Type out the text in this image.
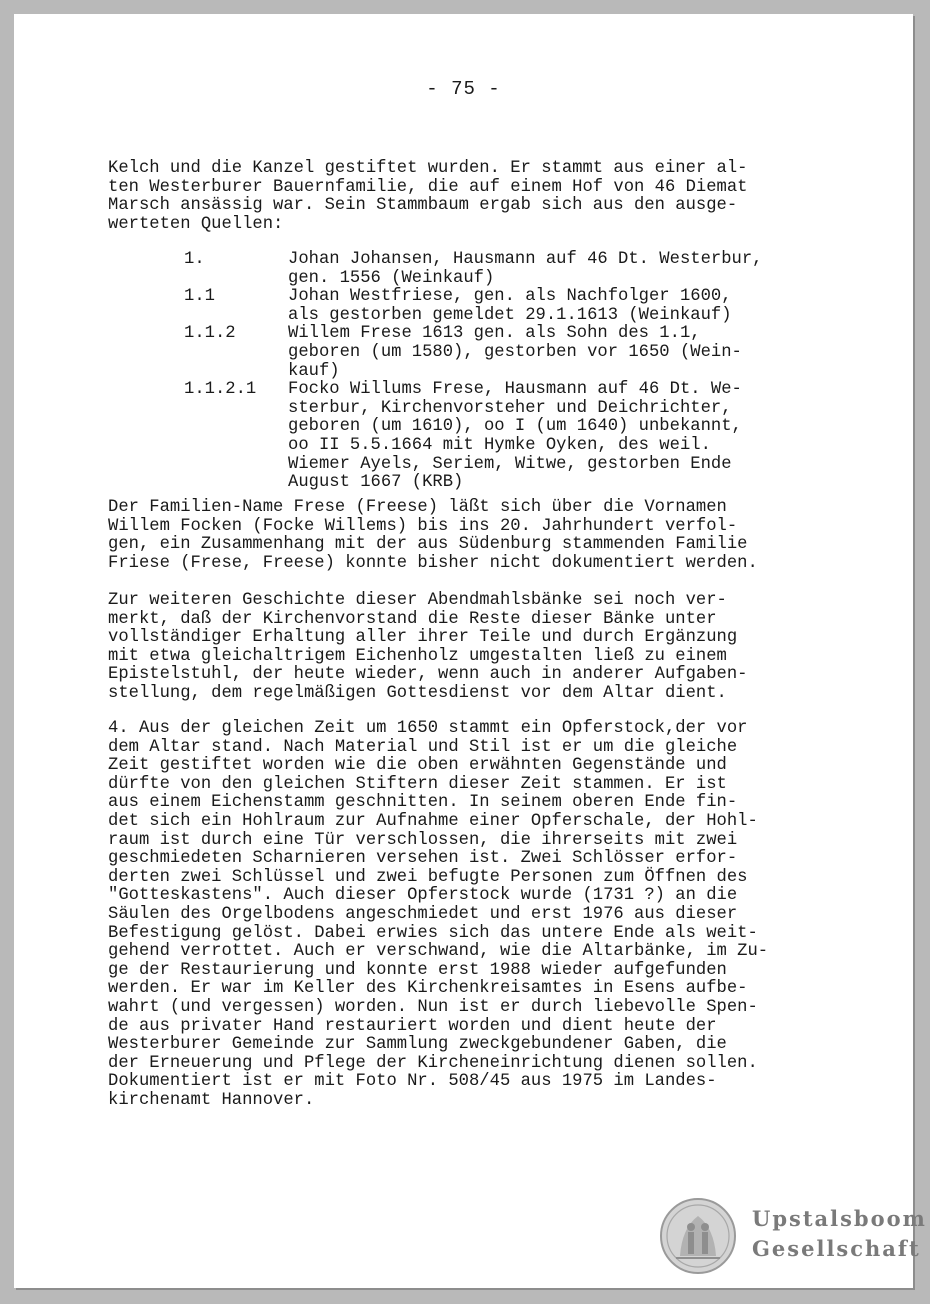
- 75 -

Kelch und die Kanzel gestiftet wurden. Er stammt aus einer al-
ten Westerburer Bauernfamilie, die auf einem Hof von 46 Diemat
Marsch ansässig war. Sein Stammbaum ergab sich aus den ausge-
werteten Quellen:

1.	Johan Johansen, Hausmann auf 46 Dt. Westerbur,
gen. 1556 (Weinkauf)
1.1	Johan Westfriese, gen. als Nachfolger 1600,
als gestorben gemeldet 29.1.1613 (Weinkauf)
1.1.2	Willem Frese 1613 gen. als Sohn des 1.1,
geboren (um 1580), gestorben vor 1650 (Wein-
kauf)
1.1.2.1	Focko Willums Frese, Hausmann auf 46 Dt. We-
sterbur, Kirchenvorsteher und Deichrichter,
geboren (um 1610), oo I (um 1640) unbekannt,
oo II 5.5.1664 mit Hymke Oyken, des weil.
Wiemer Ayels, Seriem, Witwe, gestorben Ende
August 1667 (KRB)

Der Familien-Name Frese (Freese) läßt sich über die Vornamen
Willem Focken (Focke Willems) bis ins 20. Jahrhundert verfol-
gen, ein Zusammenhang mit der aus Südenburg stammenden Familie
Friese (Frese, Freese) konnte bisher nicht dokumentiert werden.

Zur weiteren Geschichte dieser Abendmahlsbänke sei noch ver-
merkt, daß der Kirchenvorstand die Reste dieser Bänke unter
vollständiger Erhaltung aller ihrer Teile und durch Ergänzung
mit etwa gleichaltrigem Eichenholz umgestalten ließ zu einem
Epistelstuhl, der heute wieder, wenn auch in anderer Aufgaben-
stellung, dem regelmäßigen Gottesdienst vor dem Altar dient.

4. Aus der gleichen Zeit um 1650 stammt ein Opferstock,der vor
dem Altar stand. Nach Material und Stil ist er um die gleiche
Zeit gestiftet worden wie die oben erwähnten Gegenstände und
dürfte von den gleichen Stiftern dieser Zeit stammen. Er ist
aus einem Eichenstamm geschnitten. In seinem oberen Ende fin-
det sich ein Hohlraum zur Aufnahme einer Opferschale, der Hohl-
raum ist durch eine Tür verschlossen, die ihrerseits mit zwei
geschmiedeten Scharnieren versehen ist. Zwei Schlösser erfor-
derten zwei Schlüssel und zwei befugte Personen zum Öffnen des
"Gotteskastens". Auch dieser Opferstock wurde (1731 ?) an die
Säulen des Orgelbodens angeschmiedet und erst 1976 aus dieser
Befestigung gelöst. Dabei erwies sich das untere Ende als weit-
gehend verrottet. Auch er verschwand, wie die Altarbänke, im Zu-
ge der Restaurierung und konnte erst 1988 wieder aufgefunden
werden. Er war im Keller des Kirchenkreisamtes in Esens aufbe-
wahrt (und vergessen) worden. Nun ist er durch liebevolle Spen-
de aus privater Hand restauriert worden und dient heute der
Westerburer Gemeinde zur Sammlung zweckgebundener Gaben, die
der Erneuerung und Pflege der Kircheneinrichtung dienen sollen.
Dokumentiert ist er mit Foto Nr. 508/45 aus 1975 im Landes-
kirchenamt Hannover.

Upstalsboom
Gesellschaft
